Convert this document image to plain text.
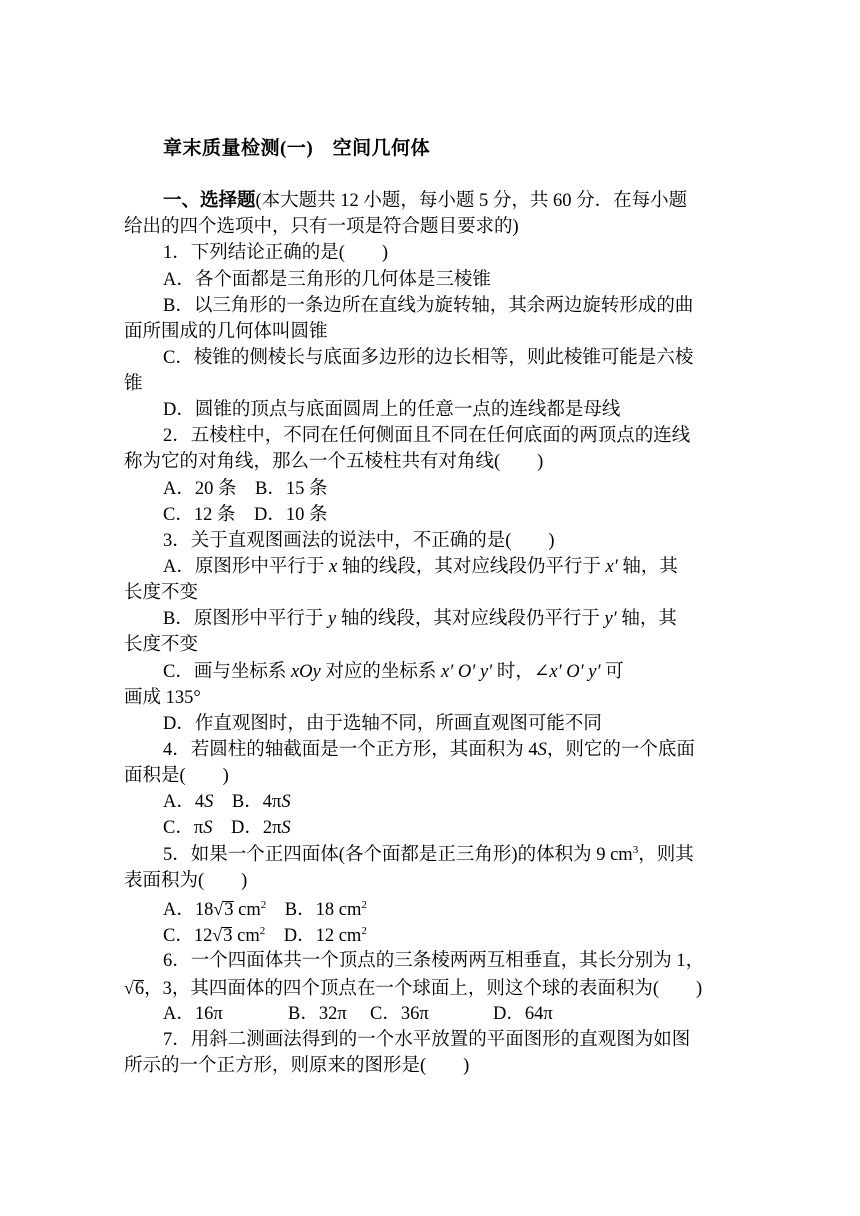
章末质量检测(一)　空间几何体
一、选择题(本大题共 12 小题，每小题 5 分，共 60 分．在每小题
给出的四个选项中，只有一项是符合题目要求的)
1．下列结论正确的是(　　)
A．各个面都是三角形的几何体是三棱锥
B．以三角形的一条边所在直线为旋转轴，其余两边旋转形成的曲
面所围成的几何体叫圆锥
C．棱锥的侧棱长与底面多边形的边长相等，则此棱锥可能是六棱
锥
D．圆锥的顶点与底面圆周上的任意一点的连线都是母线
2．五棱柱中，不同在任何侧面且不同在任何底面的两顶点的连线
称为它的对角线，那么一个五棱柱共有对角线(　　)
A．20 条　B．15 条
C．12 条　D．10 条
3．关于直观图画法的说法中，不正确的是(　　)
A．原图形中平行于 x 轴的线段，其对应线段仍平行于 x′ 轴，其
长度不变
B．原图形中平行于 y 轴的线段，其对应线段仍平行于 y′ 轴，其
长度不变
C．画与坐标系 xOy 对应的坐标系 x′ O′ y′ 时，∠x′ O′ y′ 可
画成 135°
D．作直观图时，由于选轴不同，所画直观图可能不同
4．若圆柱的轴截面是一个正方形，其面积为 4S，则它的一个底面
面积是(　　)
A．4S　 B．4πS
C．πS　 D．2πS
5．如果一个正四面体(各个面都是正三角形)的体积为 9 $cm^3$，则其
表面积为(　　)
A．18√3 $cm^2$　 B．18 $cm^2$
C．12√3 $cm^2$　 D．12 $cm^2$
6．一个四面体共一个顶点的三条棱两两互相垂直，其长分别为 1，
√6，3，其四面体的四个顶点在一个球面上，则这个球的表面积为(　　)
A．16π	B．32π C．36π	D．64π
7．用斜二测画法得到的一个水平放置的平面图形的直观图为如图
所示的一个正方形，则原来的图形是(　　)
